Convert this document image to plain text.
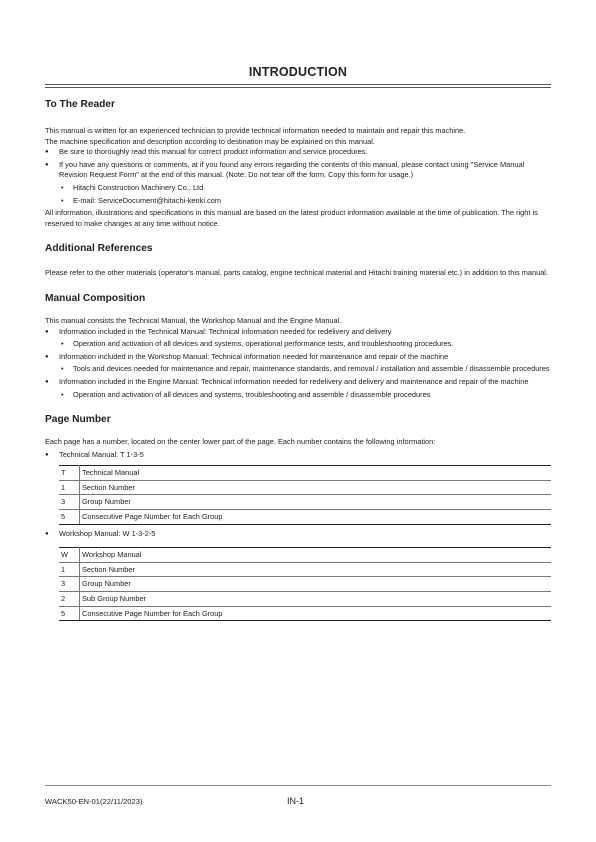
INTRODUCTION
To The Reader

This manual is written for an experienced technician to provide technical information needed to maintain and repair this machine.

The machine specification and description according to destination may be explained on this manual.

● Be sure to thoroughly read this manual for correct product information and service procedures.
● If you have any questions or comments, at if you found any errors regarding the contents of this manual, please contact using "Service Manual Revision Request Form" at the end of this manual. (Note: Do not tear off the form. Copy this form for usage.)
• Hitachi Construction Machinery Co., Ltd.
• E-mail: ServiceDocument@hitachi-kenki.com

All information, illustrations and specifications in this manual are based on the latest product information available at the time of publication. The right is reserved to make changes at any time without notice.

Additional References

Please refer to the other materials (operator's manual, parts catalog, engine technical material and Hitachi training material etc.) in addition to this manual.

Manual Composition

This manual consists the Technical Manual, the Workshop Manual and the Engine Manual.

● Information included in the Technical Manual: Technical information needed for redelivery and delivery
• Operation and activation of all devices and systems, operational performance tests, and troubleshooting procedures.
● Information included in the Workshop Manual: Technical information needed for maintenance and repair of the machine
• Tools and devices needed for maintenance and repair, maintenance standards, and removal / installation and assemble / disassemble procedures
● Information included in the Engine Manual: Technical information needed for redelivery and delivery and maintenance and repair of the machine
• Operation and activation of all devices and systems, troubleshooting and assemble / disassemble procedures
Page Number

Each page has a number, located on the center lower part of the page. Each number contains the following information:

● Technical Manual: T 1-3-5
T	Technical Manual
1	Section Number
3	Group Number
5	Consecutive Page Number for Each Group
● Workshop Manual: W 1-3-2-5
W	Workshop Manual
1	Section Number
3	Group Number
2	Sub Group Number
5	Consecutive Page Number for Each Group
WACK50-EN-01(22/11/2023)	IN-1
